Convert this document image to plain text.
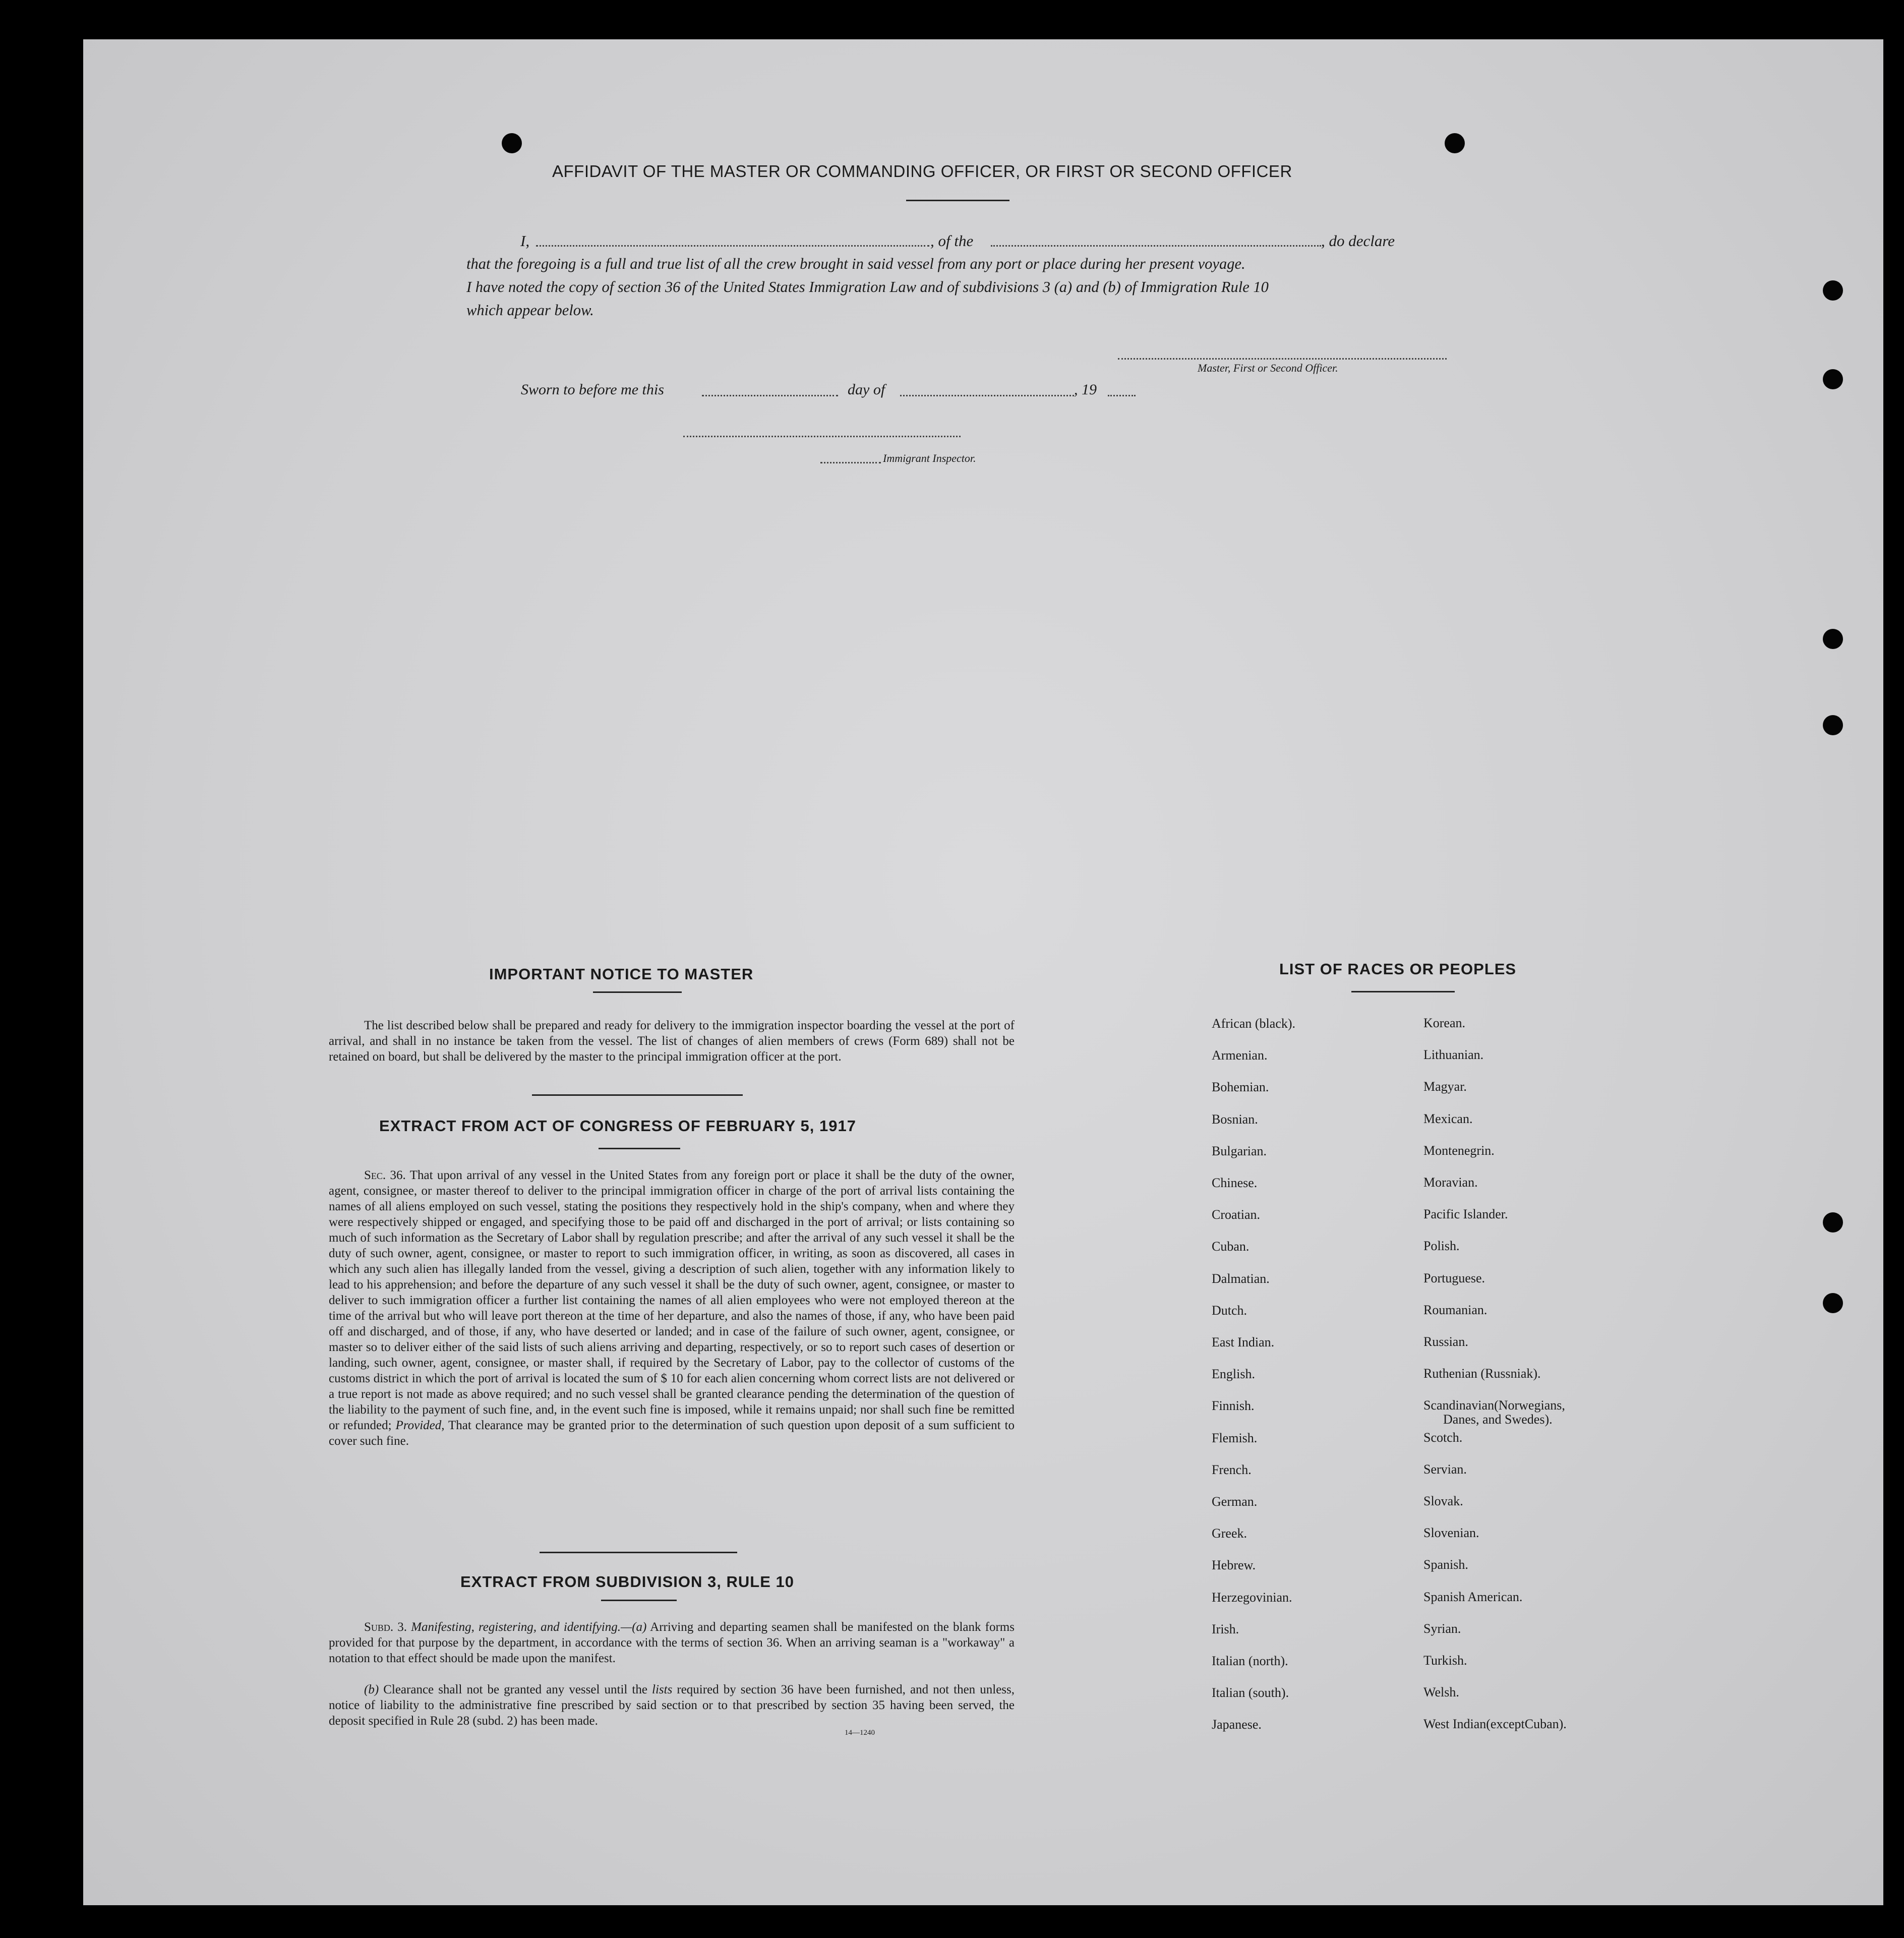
AFFIDAVIT OF THE MASTER OR COMMANDING OFFICER, OR FIRST OR SECOND OFFICER
I,	, of the	, do declare
that the foregoing is a full and true list of all the crew brought in said vessel from any port or place during her present voyage.
I have noted the copy of section 36 of the United States Immigration Law and of subdivisions 3 (a) and (b) of Immigration Rule 10
which appear below.
Master, First or Second Officer.
Sworn to before me this	day of	, 19
Immigrant Inspector.
IMPORTANT NOTICE TO MASTER
The list described below shall be prepared and ready for delivery to the immigration inspector boarding the vessel at the port of arrival, and shall in no instance be taken from the vessel. The list of changes of alien members of crews (Form 689) shall not be retained on board, but shall be delivered by the master to the principal immigration officer at the port.
EXTRACT FROM ACT OF CONGRESS OF FEBRUARY 5, 1917
Sec. 36. That upon arrival of any vessel in the United States from any foreign port or place it shall be the duty of the owner, agent, consignee, or master thereof to deliver to the principal immigration officer in charge of the port of arrival lists containing the names of all aliens employed on such vessel, stating the positions they respectively hold in the ship's company, when and where they were respectively shipped or engaged, and specifying those to be paid off and discharged in the port of arrival; or lists containing so much of such information as the Secretary of Labor shall by regulation prescribe; and after the arrival of any such vessel it shall be the duty of such owner, agent, consignee, or master to report to such immigration officer, in writing, as soon as discovered, all cases in which any such alien has illegally landed from the vessel, giving a description of such alien, together with any information likely to lead to his apprehension; and before the departure of any such vessel it shall be the duty of such owner, agent, consignee, or master to deliver to such immigration officer a further list containing the names of all alien employees who were not employed thereon at the time of the arrival but who will leave port thereon at the time of her departure, and also the names of those, if any, who have been paid off and discharged, and of those, if any, who have deserted or landed; and in case of the failure of such owner, agent, consignee, or master so to deliver either of the said lists of such aliens arriving and departing, respectively, or so to report such cases of desertion or landing, such owner, agent, consignee, or master shall, if required by the Secretary of Labor, pay to the collector of customs of the customs district in which the port of arrival is located the sum of $ 10 for each alien concerning whom correct lists are not delivered or a true report is not made as above required; and no such vessel shall be granted clearance pending the determination of the question of the liability to the payment of such fine, and, in the event such fine is imposed, while it remains unpaid; nor shall such fine be remitted or refunded; Provided, That clearance may be granted prior to the determination of such question upon deposit of a sum sufficient to cover such fine.
EXTRACT FROM SUBDIVISION 3, RULE 10
Subd. 3. Manifesting, registering, and identifying.—(a) Arriving and departing seamen shall be manifested on the blank forms provided for that purpose by the department, in accordance with the terms of section 36. When an arriving seaman is a "workaway" a notation to that effect should be made upon the manifest.
(b) Clearance shall not be granted any vessel until the lists required by section 36 have been furnished, and not then unless, notice of liability to the administrative fine prescribed by said section or to that prescribed by section 35 having been served, the deposit specified in Rule 28 (subd. 2) has been made.
14—1240
LIST OF RACES OR PEOPLES
African (black).
Armenian.
Bohemian.
Bosnian.
Bulgarian.
Chinese.
Croatian.
Cuban.
Dalmatian.
Dutch.
East Indian.
English.
Finnish.
Flemish.
French.
German.
Greek.
Hebrew.
Herzegovinian.
Irish.
Italian (north).
Italian (south).
Japanese.
Korean.
Lithuanian.
Magyar.
Mexican.
Montenegrin.
Moravian.
Pacific Islander.
Polish.
Portuguese.
Roumanian.
Russian.
Ruthenian (Russniak).
Scandinavian(Norwegians,
Danes, and Swedes).
Scotch.
Servian.
Slovak.
Slovenian.
Spanish.
Spanish American.
Syrian.
Turkish.
Welsh.
West Indian(exceptCuban).
